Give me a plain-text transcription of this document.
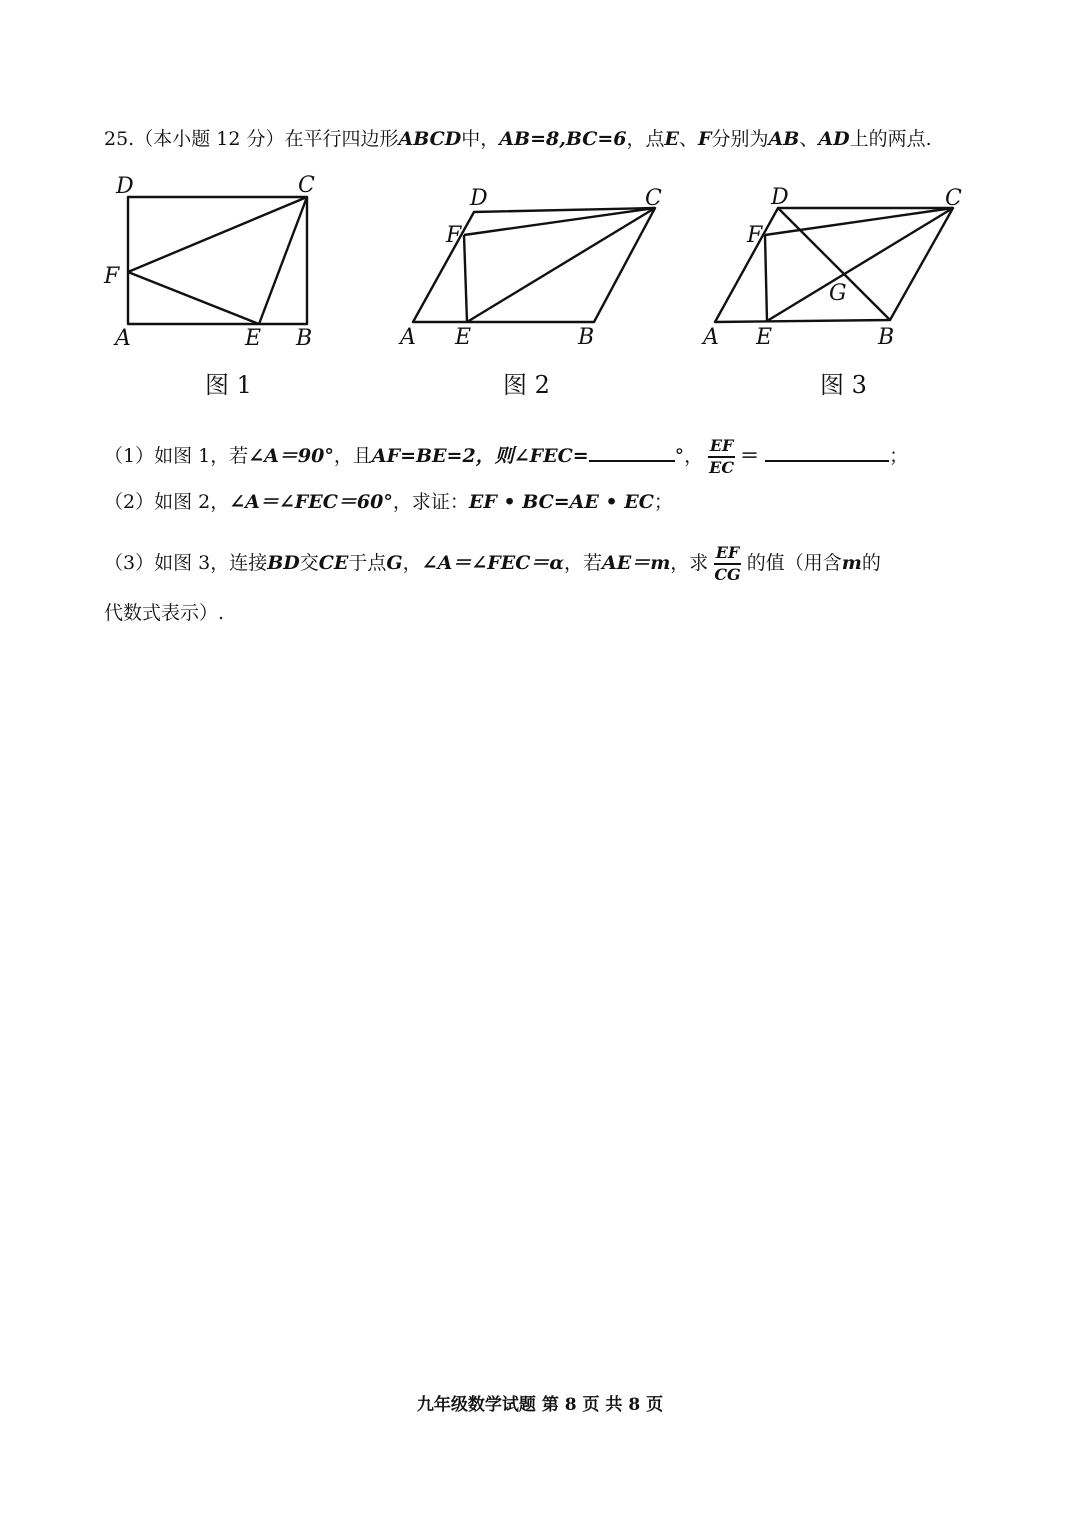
25.（本小题 12 分）在平行四边形ABCD中，AB=8,BC=6，点E、F分别为AB、AD上的两点.
D	C
F
A	E B
图 1
D	C
F
A E	B
图 2
D	C
F
G
A E	B
图 3
（1）如图 1，若∠A＝90°，且AF=BE=2，则∠FEC=	°， $\frac{EF}{EC}$ ＝	；
（2）如图 2，∠A＝∠FEC＝60°，求证：EF • BC=AE • EC；
（3）如图 3，连接BD交CE于点G，∠A＝∠FEC＝α，若AE＝m，求 $\frac{EF}{CG}$ 的值（用含m的
代数式表示）.
九年级数学试题 第 8 页 共 8 页
